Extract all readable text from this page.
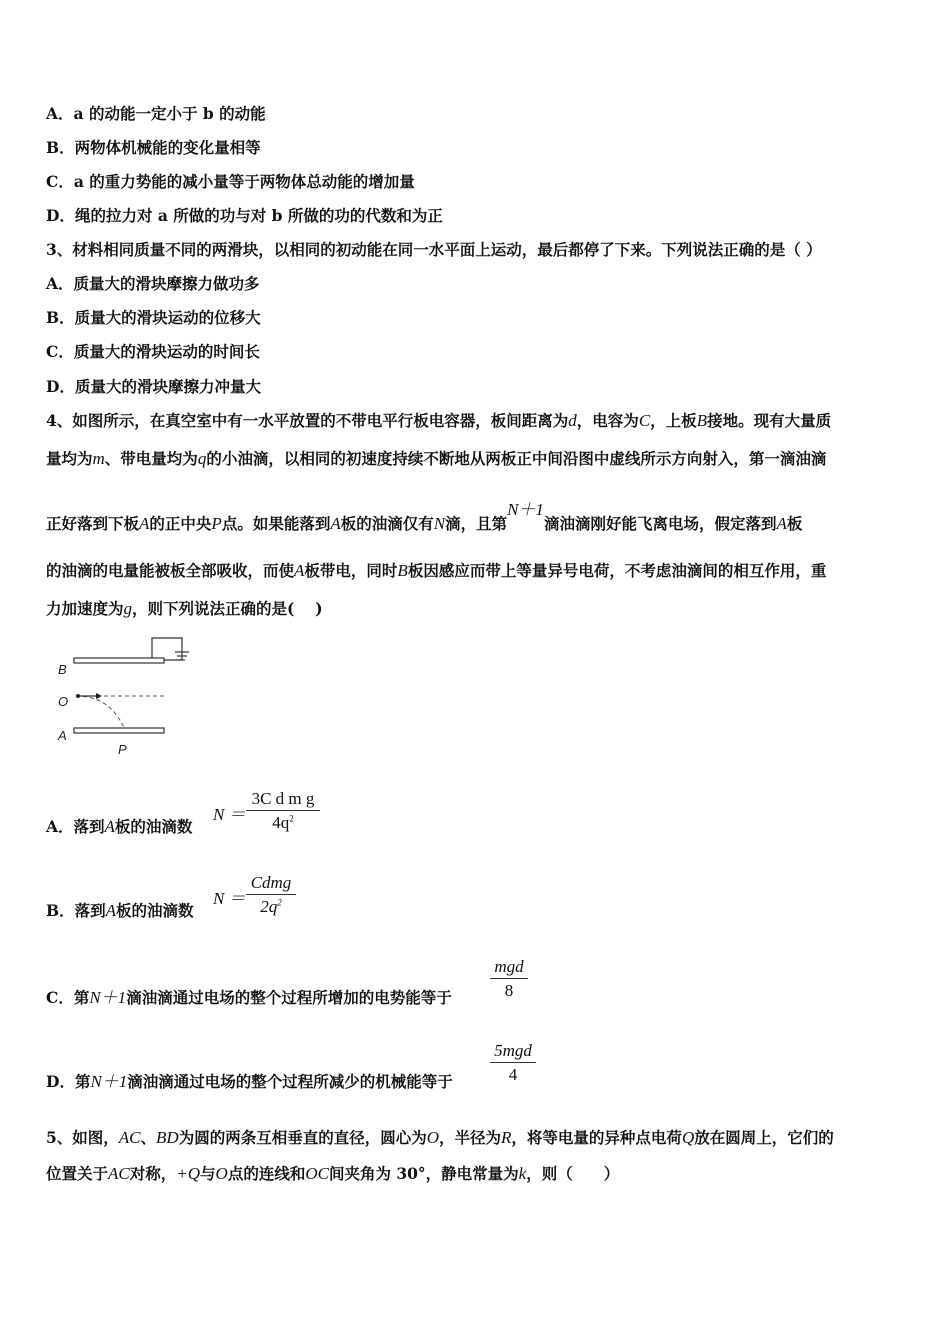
A．a 的动能一定小于 b 的动能
B．两物体机械能的变化量相等
C．a 的重力势能的减小量等于两物体总动能的增加量
D．绳的拉力对 a 所做的功与对 b 所做的功的代数和为正
3、材料相同质量不同的两滑块，以相同的初动能在同一水平面上运动，最后都停了下来。下列说法正确的是（ ）
A．质量大的滑块摩擦力做功多
B．质量大的滑块运动的位移大
C．质量大的滑块运动的时间长
D．质量大的滑块摩擦力冲量大
4、如图所示，在真空室中有一水平放置的不带电平行板电容器，板间距离为d，电容为C，上板B接地。现有大量质
量均为m、带电量均为q的小油滴，以相同的初速度持续不断地从两板正中间沿图中虚线所示方向射入，第一滴油滴
正好落到下板A的正中央P点。如果能落到A板的油滴仅有N滴，且第N＋1滴油滴刚好能飞离电场，假定落到A板
的油滴的电量能被板全部吸收，而使A板带电，同时B板因感应而带上等量异号电荷，不考虑油滴间的相互作用，重
力加速度为g，则下列说法正确的是(　 )
B
O
A
P
A．落到A板的油滴数
N ＝
3C d m g
$4q^2$
B．落到A板的油滴数
N ＝
Cdmg
$2q^2$
C．第N＋1滴油滴通过电场的整个过程所增加的电势能等于
mgd
8
D．第N＋1滴油滴通过电场的整个过程所减少的机械能等于
5mgd
4
5、如图，AC、BD为圆的两条互相垂直的直径，圆心为O，半径为R，将等电量的异种点电荷Q放在圆周上，它们的
位置关于AC对称，+Q与O点的连线和OC间夹角为 30°，静电常量为k，则（　　）
